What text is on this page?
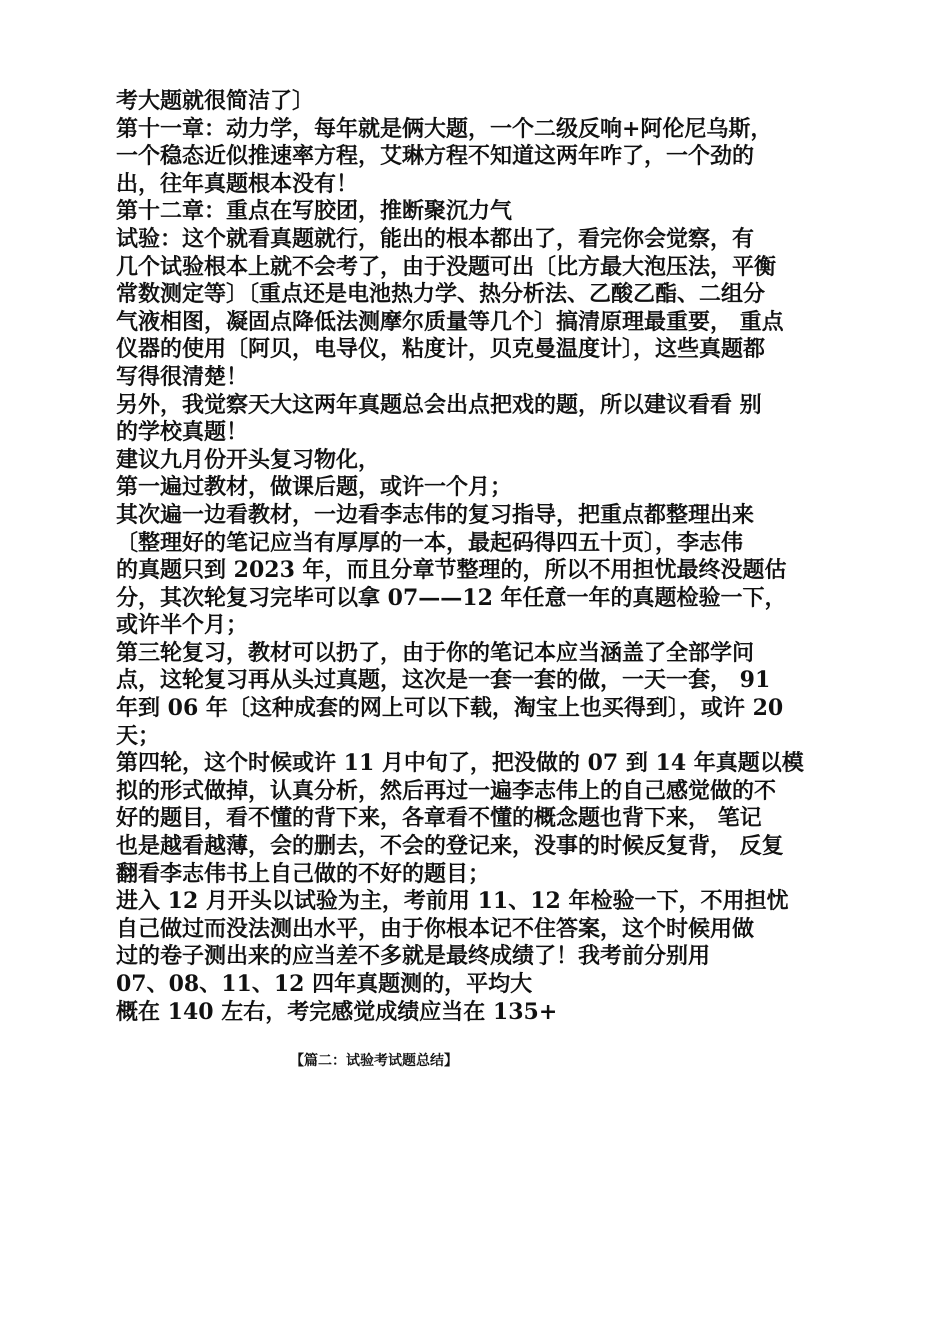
考大题就很简洁了〕

第十一章：动力学，每年就是俩大题，一个二级反响+阿伦尼乌斯，
一个稳态近似推速率方程，艾琳方程不知道这两年咋了，一个劲的
出，往年真题根本没有！

第十二章：重点在写胶团，推断聚沉力气

试验：这个就看真题就行，能出的根本都出了，看完你会觉察，有
几个试验根本上就不会考了，由于没题可出〔比方最大泡压法，平衡
常数测定等〕〔重点还是电池热力学、热分析法、乙酸乙酯、二组分
气液相图，凝固点降低法测摩尔质量等几个〕搞清原理最重要， 重点
仪器的使用〔阿贝，电导仪，粘度计，贝克曼温度计〕，这些真题都
写得很清楚！

另外，我觉察天大这两年真题总会出点把戏的题，所以建议看看 别
的学校真题！

建议九月份开头复习物化，

第一遍过教材，做课后题，或许一个月；

其次遍一边看教材，一边看李志伟的复习指导，把重点都整理出来
〔整理好的笔记应当有厚厚的一本，最起码得四五十页〕，李志伟
的真题只到 2023 年，而且分章节整理的，所以不用担忧最终没题估
分，其次轮复习完毕可以拿 07——12 年任意一年的真题检验一下，
或许半个月；

第三轮复习，教材可以扔了，由于你的笔记本应当涵盖了全部学问
点，这轮复习再从头过真题，这次是一套一套的做，一天一套， 91
年到 06 年〔这种成套的网上可以下载，淘宝上也买得到〕，或许 20
天；

第四轮，这个时候或许 11 月中旬了，把没做的 07 到 14 年真题以模
拟的形式做掉，认真分析，然后再过一遍李志伟上的自己感觉做的不
好的题目，看不懂的背下来，各章看不懂的概念题也背下来， 笔记
也是越看越薄，会的删去，不会的登记来，没事的时候反复背， 反复
翻看李志伟书上自己做的不好的题目；

进入 12 月开头以试验为主，考前用 11、12 年检验一下，不用担忧
自己做过而没法测出水平，由于你根本记不住答案，这个时候用做
过的卷子测出来的应当差不多就是最终成绩了！我考前分别用
07、08、11、12 四年真题测的，平均大
概在 140 左右，考完感觉成绩应当在 135+

【篇二：试验考试题总结】
